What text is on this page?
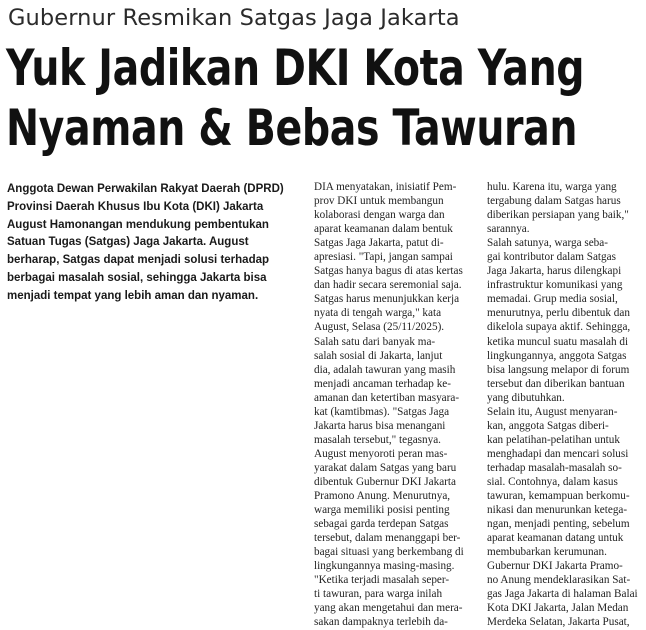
Gubernur Resmikan Satgas Jaga Jakarta
Yuk Jadikan DKI Kota Yang
Nyaman & Bebas Tawuran
Anggota Dewan Perwakilan Rakyat Daerah (DPRD)
Provinsi Daerah Khusus Ibu Kota (DKI) Jakarta
August Hamonangan mendukung pembentukan
Satuan Tugas (Satgas) Jaga Jakarta. August
berharap, Satgas dapat menjadi solusi terhadap
berbagai masalah sosial, sehingga Jakarta bisa
menjadi tempat yang lebih aman dan nyaman.
DIA menyatakan, inisiatif Pem-
prov DKI untuk membangun
kolaborasi dengan warga dan
aparat keamanan dalam bentuk
Satgas Jaga Jakarta, patut di-
apresiasi. "Tapi, jangan sampai
Satgas hanya bagus di atas kertas
dan hadir secara seremonial saja.
Satgas harus menunjukkan kerja
nyata di tengah warga," kata
August, Selasa (25/11/2025).
Salah satu dari banyak ma-
salah sosial di Jakarta, lanjut
dia, adalah tawuran yang masih
menjadi ancaman terhadap ke-
amanan dan ketertiban masyara-
kat (kamtibmas). "Satgas Jaga
Jakarta harus bisa menangani
masalah tersebut," tegasnya.
August menyoroti peran mas-
yarakat dalam Satgas yang baru
dibentuk Gubernur DKI Jakarta
Pramono Anung. Menurutnya,
warga memiliki posisi penting
sebagai garda terdepan Satgas
tersebut, dalam menanggapi ber-
bagai situasi yang berkembang di
lingkungannya masing-masing.
"Ketika terjadi masalah seper-
ti tawuran, para warga inilah
yang akan mengetahui dan mera-
sakan dampaknya terlebih da-
hulu. Karena itu, warga yang
tergabung dalam Satgas harus
diberikan persiapan yang baik,"
sarannya.
Salah satunya, warga seba-
gai kontributor dalam Satgas
Jaga Jakarta, harus dilengkapi
infrastruktur komunikasi yang
memadai. Grup media sosial,
menurutnya, perlu dibentuk dan
dikelola supaya aktif. Sehingga,
ketika muncul suatu masalah di
lingkungannya, anggota Satgas
bisa langsung melapor di forum
tersebut dan diberikan bantuan
yang dibutuhkan.
Selain itu, August menyaran-
kan, anggota Satgas diberi-
kan pelatihan-pelatihan untuk
menghadapi dan mencari solusi
terhadap masalah-masalah so-
sial. Contohnya, dalam kasus
tawuran, kemampuan berkomu-
nikasi dan menurunkan ketega-
ngan, menjadi penting, sebelum
aparat keamanan datang untuk
membubarkan kerumunan.
Gubernur DKI Jakarta Pramo-
no Anung mendeklarasikan Sat-
gas Jaga Jakarta di halaman Balai
Kota DKI Jakarta, Jalan Medan
Merdeka Selatan, Jakarta Pusat,
